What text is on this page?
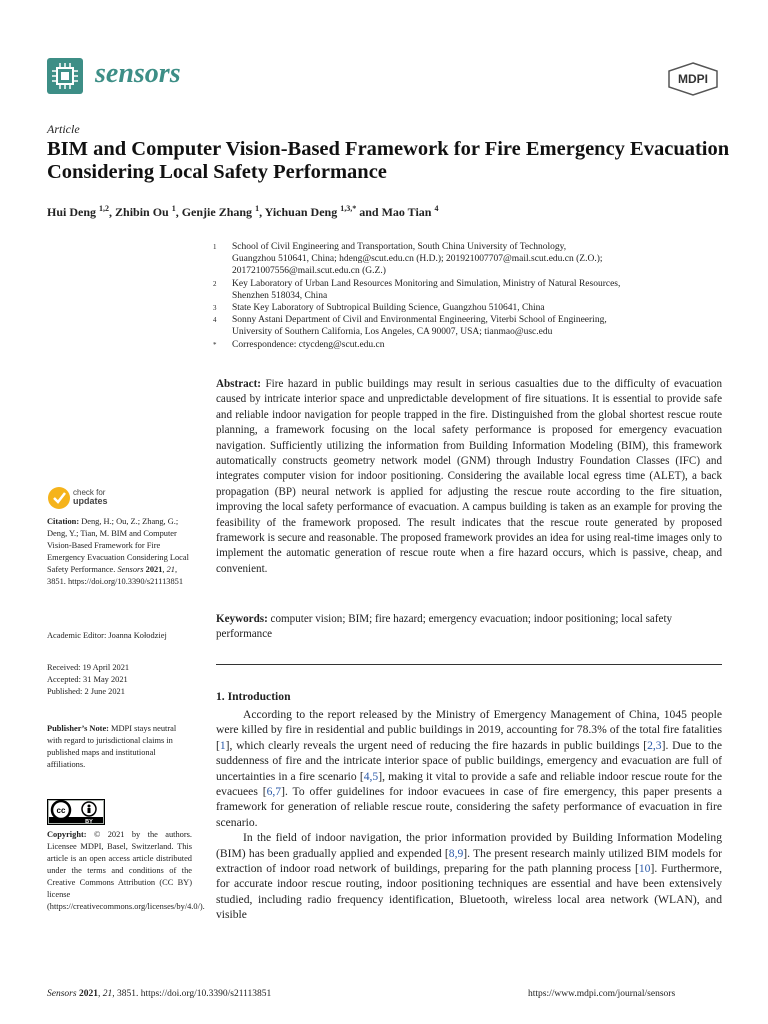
sensors	MDPI
Article
BIM and Computer Vision-Based Framework for Fire Emergency Evacuation Considering Local Safety Performance
Hui Deng $^{1,2}$, Zhibin Ou $^1$, Genjie Zhang $^1$, Yichuan Deng $^{1,3,*}$ and Mao Tian $^4$
1 School of Civil Engineering and Transportation, South China University of Technology,
Guangzhou 510641, China; hdeng@scut.edu.cn (H.D.); 201921007707@mail.scut.edu.cn (Z.O.);
201721007556@mail.scut.edu.cn (G.Z.)
2 Key Laboratory of Urban Land Resources Monitoring and Simulation, Ministry of Natural Resources,
Shenzhen 518034, China
3 State Key Laboratory of Subtropical Building Science, Guangzhou 510641, China
4 Sonny Astani Department of Civil and Environmental Engineering, Viterbi School of Engineering,
University of Southern California, Los Angeles, CA 90007, USA; tianmao@usc.edu
* Correspondence: ctycdeng@scut.edu.cn
Abstract: Fire hazard in public buildings may result in serious casualties due to the difficulty of evacuation caused by intricate interior space and unpredictable development of fire situations. It is essential to provide safe and reliable indoor navigation for people trapped in the fire. Distinguished from the global shortest rescue route planning, a framework focusing on the local safety performance is proposed for emergency evacuation navigation. Sufficiently utilizing the information from Building Information Modeling (BIM), this framework automatically constructs geometry network model (GNM) through Industry Foundation Classes (IFC) and integrates computer vision for indoor positioning. Considering the available local egress time (ALET), a back propagation (BP) neural network is applied for adjusting the rescue route according to the fire situation, improving the local safety performance of evacuation. A campus building is taken as an example for proving the feasibility of the framework proposed. The result indicates that the rescue route generated by proposed framework is secure and reasonable. The proposed framework provides an idea for using real-time images only to implement the automatic generation of rescue route when a fire hazard occurs, which is passive, cheap, and convenient.
Keywords: computer vision; BIM; fire hazard; emergency evacuation; indoor positioning; local safety performance
check for
updates
Citation: Deng, H.; Ou, Z.; Zhang, G.; Deng, Y.; Tian, M. BIM and Computer Vision-Based Framework for Fire Emergency Evacuation Considering Local Safety Performance. Sensors 2021, 21, 3851. https://doi.org/10.3390/s21113851
Academic Editor: Joanna Kołodziej
Received: 19 April 2021
Accepted: 31 May 2021
Published: 2 June 2021
Publisher’s Note: MDPI stays neutral with regard to jurisdictional claims in published maps and institutional affiliations.
cc
BY
Copyright: © 2021 by the authors. Licensee MDPI, Basel, Switzerland. This article is an open access article distributed under the terms and conditions of the Creative Commons Attribution (CC BY) license (https://creativecommons.org/licenses/by/4.0/).
1. Introduction

According to the report released by the Ministry of Emergency Management of China, 1045 people were killed by fire in residential and public buildings in 2019, accounting for 78.3% of the total fire fatalities [1], which clearly reveals the urgent need of reducing the fire hazards in public buildings [2,3]. Due to the suddenness of fire and the intricate interior space of public buildings, emergency and evacuation are full of uncertainties in a fire scenario [4,5], making it vital to provide a safe and reliable indoor rescue route for the evacuees [6,7]. To offer guidelines for indoor evacuees in case of fire emergency, this paper presents a framework for generation of reliable rescue route, considering the safety performance of evacuation in fire scenario.

In the field of indoor navigation, the prior information provided by Building Information Modeling (BIM) has been gradually applied and expended [8,9]. The present research mainly utilized BIM models for extraction of indoor road network of buildings, preparing for the path planning process [10]. Furthermore, for accurate indoor rescue routing, indoor positioning techniques are essential and have been extensively studied, including radio frequency identification, Bluetooth, wireless local area network (WLAN), and visible

Sensors 2021, 21, 3851. https://doi.org/10.3390/s21113851	https://www.mdpi.com/journal/sensors
